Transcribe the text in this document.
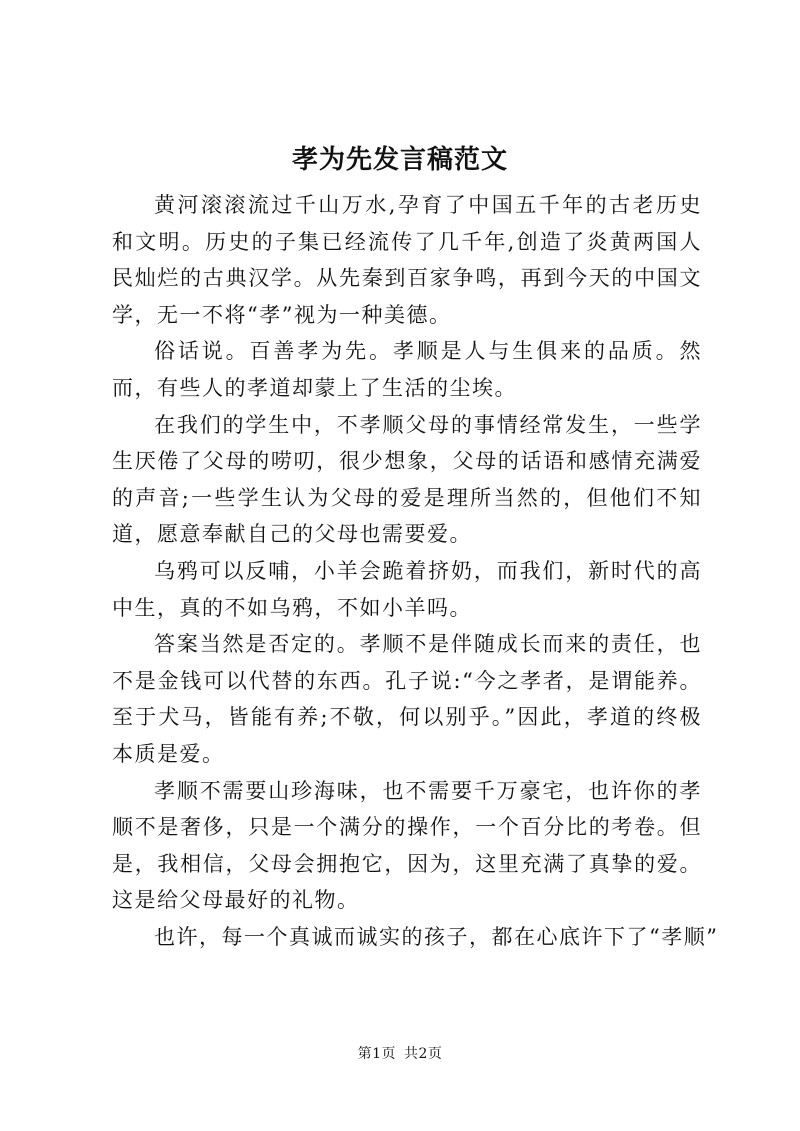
孝为先发言稿范文

黄河滚滚流过千山万水,孕育了中国五千年的古老历史和文明。历史的子集已经流传了几千年,创造了炎黄两国人民灿烂的古典汉学。从先秦到百家争鸣，再到今天的中国文学，无一不将“孝”视为一种美德。

俗话说。百善孝为先。孝顺是人与生俱来的品质。然而，有些人的孝道却蒙上了生活的尘埃。

在我们的学生中，不孝顺父母的事情经常发生，一些学生厌倦了父母的唠叨，很少想象，父母的话语和感情充满爱的声音;一些学生认为父母的爱是理所当然的，但他们不知道，愿意奉献自己的父母也需要爱。

乌鸦可以反哺，小羊会跪着挤奶，而我们，新时代的高中生，真的不如乌鸦，不如小羊吗。

答案当然是否定的。孝顺不是伴随成长而来的责任，也不是金钱可以代替的东西。孔子说:“今之孝者，是谓能养。至于犬马，皆能有养;不敬，何以别乎。”因此，孝道的终极本质是爱。

孝顺不需要山珍海味，也不需要千万豪宅，也许你的孝顺不是奢侈，只是一个满分的操作，一个百分比的考卷。但是，我相信，父母会拥抱它，因为，这里充满了真挚的爱。这是给父母最好的礼物。

也许，每一个真诚而诚实的孩子，都在心底许下了“孝顺”

第1页 共2页
